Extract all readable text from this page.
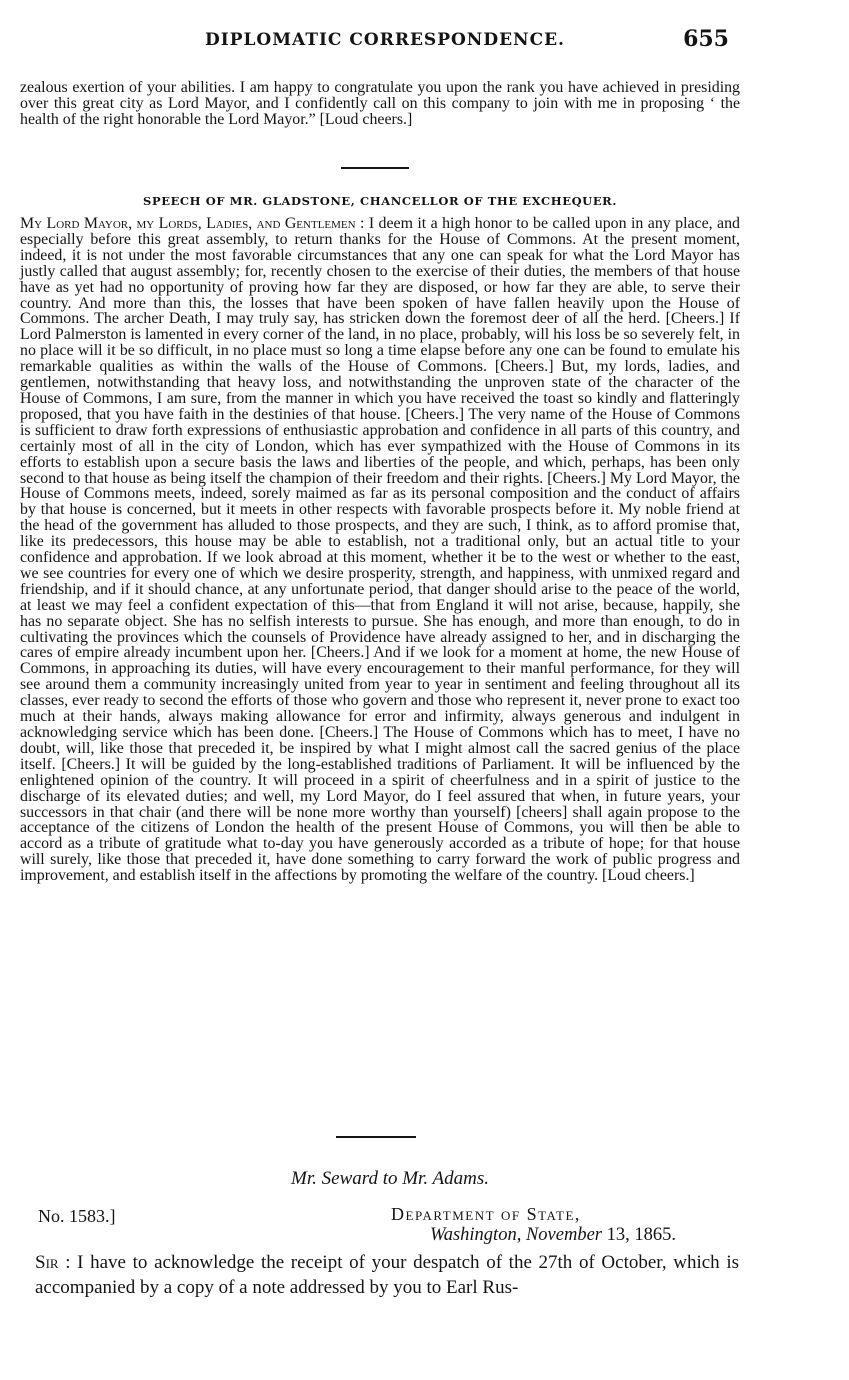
DIPLOMATIC CORRESPONDENCE.	655
zealous exertion of your abilities. I am happy to congratulate you upon the rank you have achieved in presiding over this great city as Lord Mayor, and I confidently call on this company to join with me in proposing ‘ the health of the right honorable the Lord Mayor.” [Loud cheers.]
SPEECH OF MR. GLADSTONE, CHANCELLOR OF THE EXCHEQUER.
My Lord Mayor, my Lords, Ladies, and Gentlemen : I deem it a high honor to be called upon in any place, and especially before this great assembly, to return thanks for the House of Commons. At the present moment, indeed, it is not under the most favorable circumstances that any one can speak for what the Lord Mayor has justly called that august assembly; for, recently chosen to the exercise of their duties, the members of that house have as yet had no opportunity of proving how far they are disposed, or how far they are able, to serve their country. And more than this, the losses that have been spoken of have fallen heavily upon the House of Commons. The archer Death, I may truly say, has stricken down the foremost deer of all the herd. [Cheers.] If Lord Palmerston is lamented in every corner of the land, in no place, probably, will his loss be so severely felt, in no place will it be so difficult, in no place must so long a time elapse before any one can be found to emulate his remarkable qualities as within the walls of the House of Commons. [Cheers.] But, my lords, ladies, and gentlemen, notwithstanding that heavy loss, and notwithstanding the unproven state of the character of the House of Commons, I am sure, from the manner in which you have received the toast so kindly and flatteringly proposed, that you have faith in the destinies of that house. [Cheers.] The very name of the House of Commons is sufficient to draw forth expressions of enthusiastic approbation and confidence in all parts of this country, and certainly most of all in the city of London, which has ever sympathized with the House of Commons in its efforts to establish upon a secure basis the laws and liberties of the people, and which, perhaps, has been only second to that house as being itself the champion of their freedom and their rights. [Cheers.] My Lord Mayor, the House of Commons meets, indeed, sorely maimed as far as its personal composition and the conduct of affairs by that house is concerned, but it meets in other respects with favorable prospects before it. My noble friend at the head of the government has alluded to those prospects, and they are such, I think, as to afford promise that, like its predecessors, this house may be able to establish, not a traditional only, but an actual title to your confidence and approbation. If we look abroad at this moment, whether it be to the west or whether to the east, we see countries for every one of which we desire prosperity, strength, and happiness, with unmixed regard and friendship, and if it should chance, at any unfortunate period, that danger should arise to the peace of the world, at least we may feel a confident expectation of this—that from England it will not arise, because, happily, she has no separate object. She has no selfish interests to pursue. She has enough, and more than enough, to do in cultivating the provinces which the counsels of Providence have already assigned to her, and in discharging the cares of empire already incumbent upon her. [Cheers.] And if we look for a moment at home, the new House of Commons, in approaching its duties, will have every encouragement to their manful performance, for they will see around them a community increasingly united from year to year in sentiment and feeling throughout all its classes, ever ready to second the efforts of those who govern and those who represent it, never prone to exact too much at their hands, always making allowance for error and infirmity, always generous and indulgent in acknowledging service which has been done. [Cheers.] The House of Commons which has to meet, I have no doubt, will, like those that preceded it, be inspired by what I might almost call the sacred genius of the place itself. [Cheers.] It will be guided by the long-established traditions of Parliament. It will be influenced by the enlightened opinion of the country. It will proceed in a spirit of cheerfulness and in a spirit of justice to the discharge of its elevated duties; and well, my Lord Mayor, do I feel assured that when, in future years, your successors in that chair (and there will be none more worthy than yourself) [cheers] shall again propose to the acceptance of the citizens of London the health of the present House of Commons, you will then be able to accord as a tribute of gratitude what to-day you have generously accorded as a tribute of hope; for that house will surely, like those that preceded it, have done something to carry forward the work of public progress and improvement, and establish itself in the affections by promoting the welfare of the country. [Loud cheers.]
Mr. Seward to Mr. Adams.
No. 1583.]	Department of State,
Washington, November 13, 1865.
Sir : I have to acknowledge the receipt of your despatch of the 27th of October, which is accompanied by a copy of a note addressed by you to Earl Rus-
